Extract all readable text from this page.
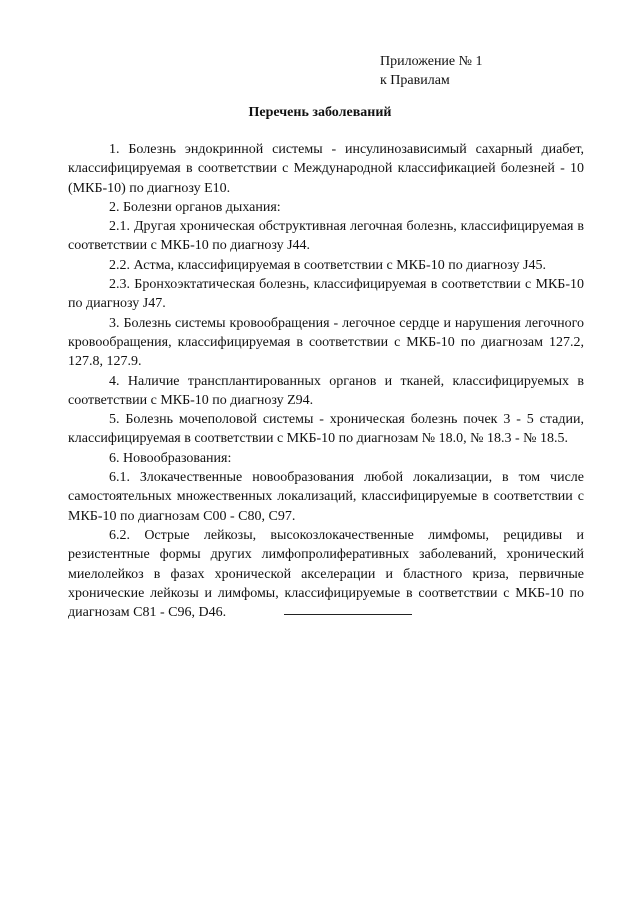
Приложение № 1
к Правилам
Перечень заболеваний

1. Болезнь эндокринной системы - инсулинозависимый сахарный диабет, классифицируемая в соответствии с Международной классификацией болезней - 10 (МКБ-10) по диагнозу Е10.

2. Болезни органов дыхания:

2.1. Другая хроническая обструктивная легочная болезнь, классифицируемая в соответствии с МКБ-10 по диагнозу J44.

2.2. Астма, классифицируемая в соответствии с МКБ-10 по диагнозу J45.

2.3. Бронхоэктатическая болезнь, классифицируемая в соответствии с МКБ-10 по диагнозу J47.

3. Болезнь системы кровообращения - легочное сердце и нарушения легочного кровообращения, классифицируемая в соответствии с МКБ-10 по диагнозам 127.2, 127.8, 127.9.

4. Наличие трансплантированных органов и тканей, классифицируемых в соответствии с МКБ-10 по диагнозу Z94.

5. Болезнь мочеполовой системы - хроническая болезнь почек 3 - 5 стадии, классифицируемая в соответствии с МКБ-10 по диагнозам № 18.0, № 18.3 - № 18.5.

6. Новообразования:

6.1. Злокачественные новообразования любой локализации, в том числе самостоятельных множественных локализаций, классифицируемые в соответствии с МКБ-10 по диагнозам С00 - С80, С97.

6.2. Острые лейкозы, высокозлокачественные лимфомы, рецидивы и резистентные формы других лимфопролиферативных заболеваний, хронический миелолейкоз в фазах хронической акселерации и бластного криза, первичные хронические лейкозы и лимфомы, классифицируемые в соответствии с МКБ-10 по диагнозам С81 - С96, D46.
